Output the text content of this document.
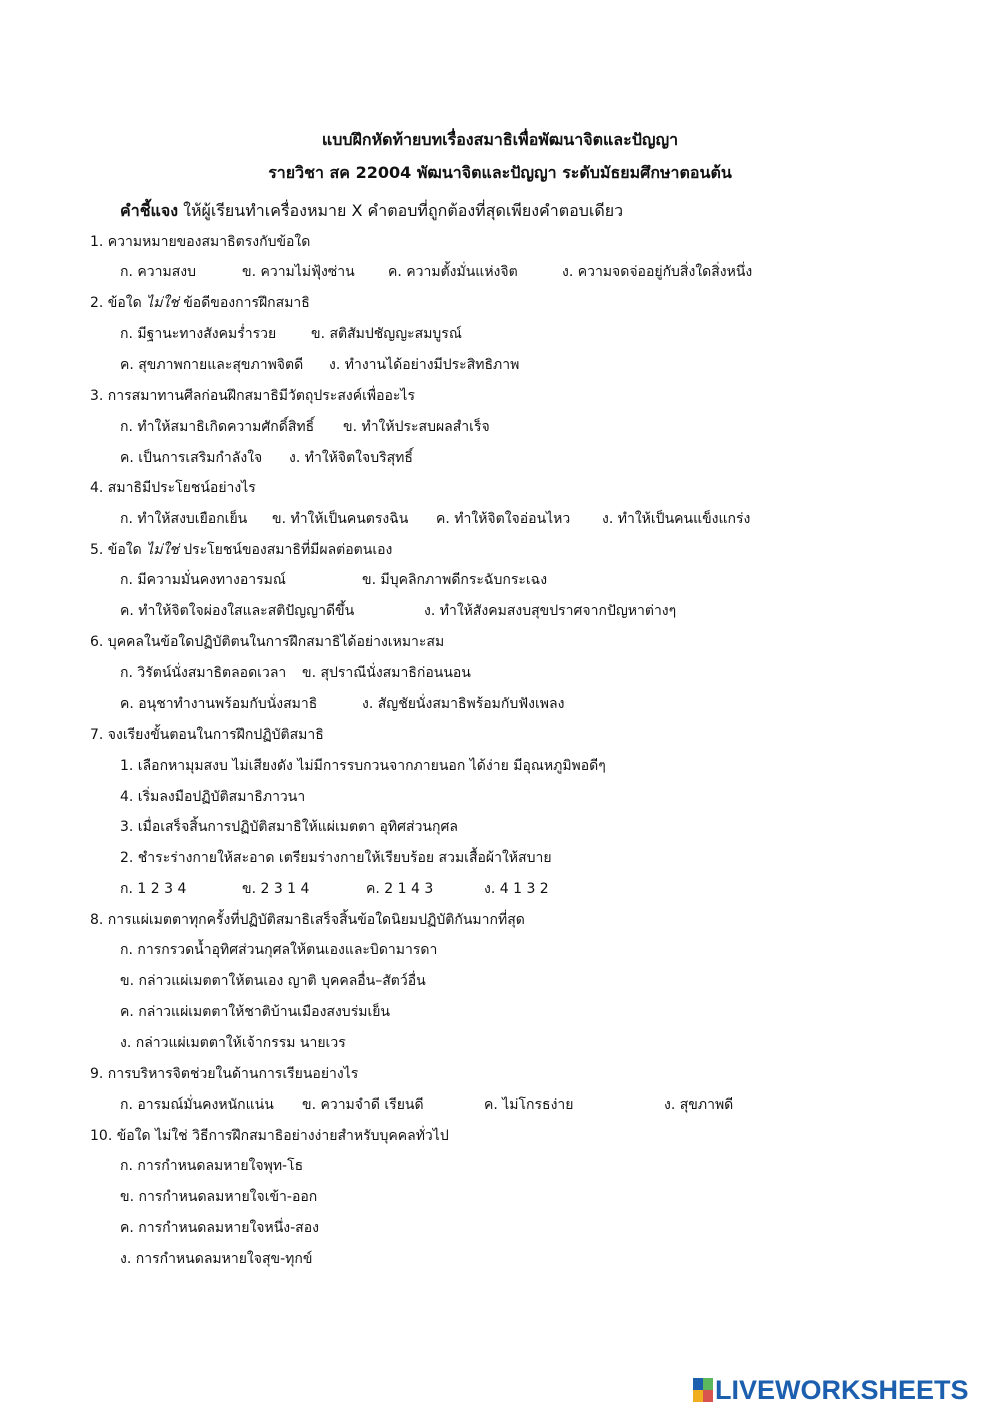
แบบฝึกหัดท้ายบทเรื่องสมาธิเพื่อพัฒนาจิตและปัญญา
รายวิชา สค 22004 พัฒนาจิตและปัญญา ระดับมัธยมศึกษาตอนต้น
คำชี้แจง ให้ผู้เรียนทำเครื่องหมาย X คำตอบที่ถูกต้องที่สุดเพียงคำตอบเดียว
1. ความหมายของสมาธิตรงกับข้อใด
ก. ความสงบ	ข. ความไม่ฟุ้งซ่าน ค. ความตั้งมั่นแห่งจิต	ง. ความจดจ่ออยู่กับสิ่งใดสิ่งหนึ่ง
2. ข้อใด ไม่ใช่ ข้อดีของการฝึกสมาธิ
ก. มีฐานะทางสังคมร่ำรวย ข. สติสัมปชัญญะสมบูรณ์
ค. สุขภาพกายและสุขภาพจิตดี ง. ทำงานได้อย่างมีประสิทธิภาพ
3. การสมาทานศีลก่อนฝึกสมาธิมีวัตถุประสงค์เพื่ออะไร
ก. ทำให้สมาธิเกิดความศักดิ์สิทธิ์ ข. ทำให้ประสบผลสำเร็จ
ค. เป็นการเสริมกำลังใจ ง. ทำให้จิตใจบริสุทธิ์
4. สมาธิมีประโยชน์อย่างไร
ก. ทำให้สงบเยือกเย็น ข. ทำให้เป็นคนตรงฉิน ค. ทำให้จิตใจอ่อนไหว ง. ทำให้เป็นคนแข็งแกร่ง
5. ข้อใด ไม่ใช่ ประโยชน์ของสมาธิที่มีผลต่อตนเอง
ก. มีความมั่นคงทางอารมณ์	ข. มีบุคลิกภาพดีกระฉับกระเฉง
ค. ทำให้จิตใจผ่องใสและสติปัญญาดีขึ้น	ง. ทำให้สังคมสงบสุขปราศจากปัญหาต่างๆ
6. บุคคลในข้อใดปฏิบัติตนในการฝึกสมาธิได้อย่างเหมาะสม
ก. วิรัตน์นั่งสมาธิตลอดเวลา ข. สุปราณีนั่งสมาธิก่อนนอน
ค. อนุชาทำงานพร้อมกับนั่งสมาธิ	ง. สัญชัยนั่งสมาธิพร้อมกับฟังเพลง
7. จงเรียงขั้นตอนในการฝึกปฏิบัติสมาธิ
1. เลือกหามุมสงบ ไม่เสียงดัง ไม่มีการรบกวนจากภายนอก ได้ง่าย มีอุณหภูมิพอดีๆ
4. เริ่มลงมือปฏิบัติสมาธิภาวนา
3. เมื่อเสร็จสิ้นการปฏิบัติสมาธิให้แผ่เมตตา อุทิศส่วนกุศล
2. ชำระร่างกายให้สะอาด เตรียมร่างกายให้เรียบร้อย สวมเสื้อผ้าให้สบาย
ก. 1 2 3 4	ข. 2 3 1 4	ค. 2 1 4 3	ง. 4 1 3 2
8. การแผ่เมตตาทุกครั้งที่ปฏิบัติสมาธิเสร็จสิ้นข้อใดนิยมปฏิบัติกันมากที่สุด
ก. การกรวดน้ำอุทิศส่วนกุศลให้ตนเองและบิดามารดา
ข. กล่าวแผ่เมตตาให้ตนเอง ญาติ บุคคลอื่น–สัตว์อื่น
ค. กล่าวแผ่เมตตาให้ชาติบ้านเมืองสงบร่มเย็น
ง. กล่าวแผ่เมตตาให้เจ้ากรรม นายเวร
9. การบริหารจิตช่วยในด้านการเรียนอย่างไร
ก. อารมณ์มั่นคงหนักแน่น ข. ความจำดี เรียนดี	ค. ไม่โกรธง่าย	ง. สุขภาพดี
10. ข้อใด ไม่ใช่ วิธีการฝึกสมาธิอย่างง่ายสำหรับบุคคลทั่วไป
ก. การกำหนดลมหายใจพุท-โธ
ข. การกำหนดลมหายใจเข้า-ออก
ค. การกำหนดลมหายใจหนึ่ง-สอง
ง. การกำหนดลมหายใจสุข-ทุกข์
LIVEWORKSHEETS
